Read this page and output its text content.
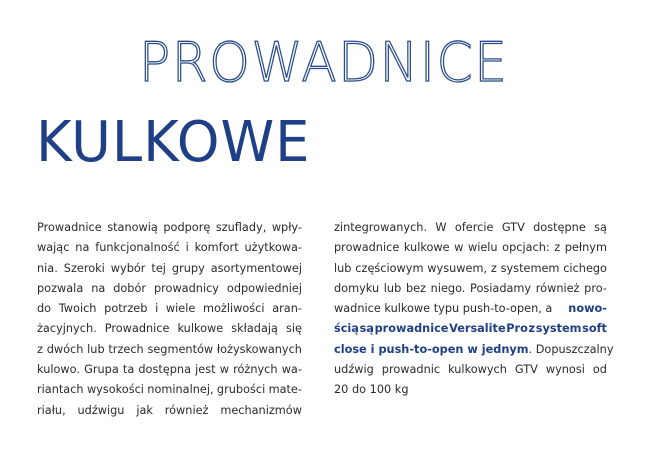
PROWADNICE
KULKOWE
Prowadnice stanowią podporę szuflady, wpły-
wając na funkcjonalność i komfort użytkowa-
nia. Szeroki wybór tej grupy asortymentowej
pozwala na dobór prowadnicy odpowiedniej
do Twoich potrzeb i wiele możliwości aran-
żacyjnych. Prowadnice kulkowe składają się
z dwóch lub trzech segmentów łożyskowanych
kulowo. Grupa ta dostępna jest w różnych wa-
riantach wysokości nominalnej, grubości mate-
riału, udźwigu jak również mechanizmów
zintegrowanych. W ofercie GTV dostępne są
prowadnice kulkowe w wielu opcjach: z pełnym
lub częściowym wysuwem, z systemem cichego
domyku lub bez niego. Posiadamy również pro-
wadnice kulkowe typu push-to-open, a nowo-
ścią są prowadnice Versalite Pro z system soft
close i push-to-open w jednym . Dopuszczalny
udźwig prowadnic kulkowych GTV wynosi od
20 do 100 kg
